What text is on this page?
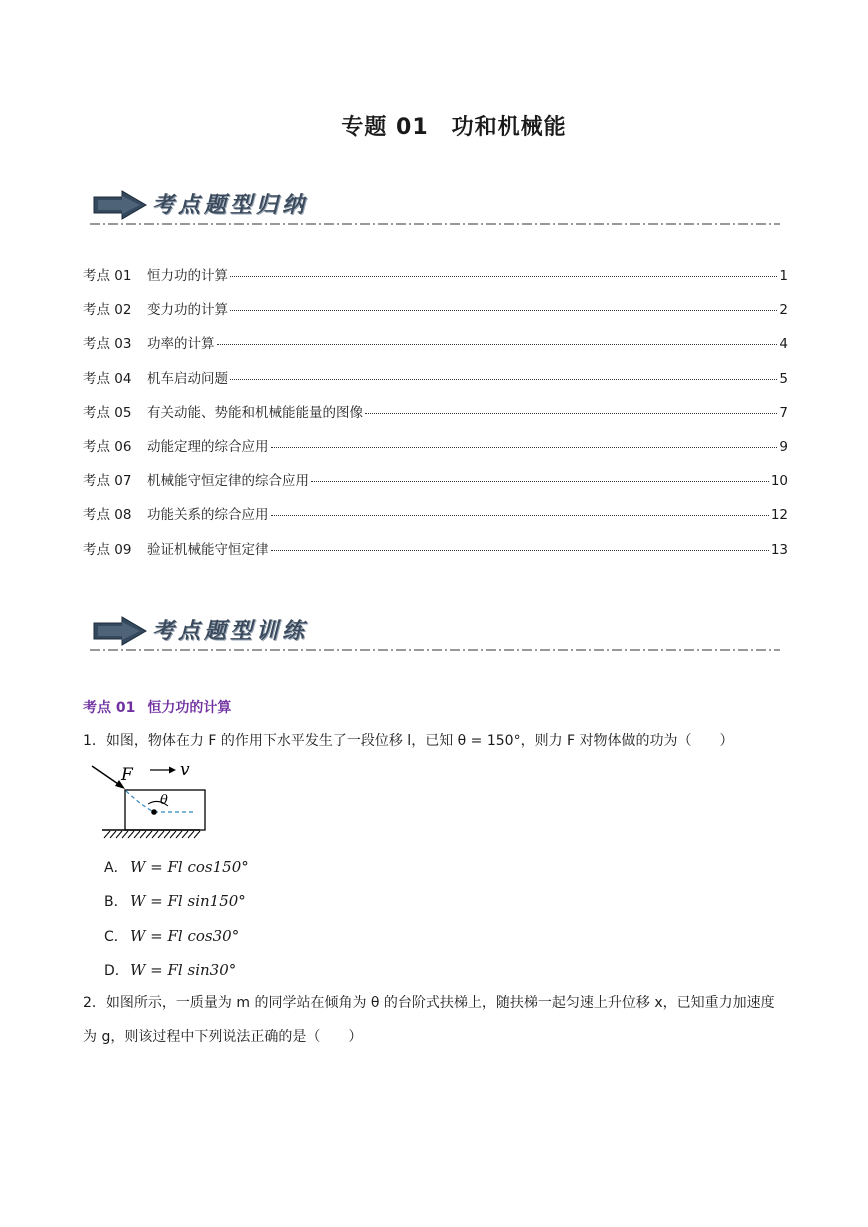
专题 01　功和机械能
考点题型归纳
考点 01	恒力功的计算	1
考点 02	变力功的计算	2
考点 03	功率的计算	4
考点 04	机车启动问题	5
考点 05	有关动能、势能和机械能能量的图像	7
考点 06	动能定理的综合应用	9
考点 07	机械能守恒定律的综合应用	10
考点 08	功能关系的综合应用	12
考点 09	验证机械能守恒定律	13
考点题型训练
考点 01 恒力功的计算
1．如图，物体在力 F 的作用下水平发生了一段位移 l，已知 θ = 150°，则力 F 对物体做的功为（　　）
F	v
θ
A． W = Fl cos150°
B． W = Fl sin150°
C． W = Fl cos30°
D． W = Fl sin30°
2．如图所示，一质量为 m 的同学站在倾角为 θ 的台阶式扶梯上，随扶梯一起匀速上升位移 x，已知重力加速度为 g，则该过程中下列说法正确的是（　　）
